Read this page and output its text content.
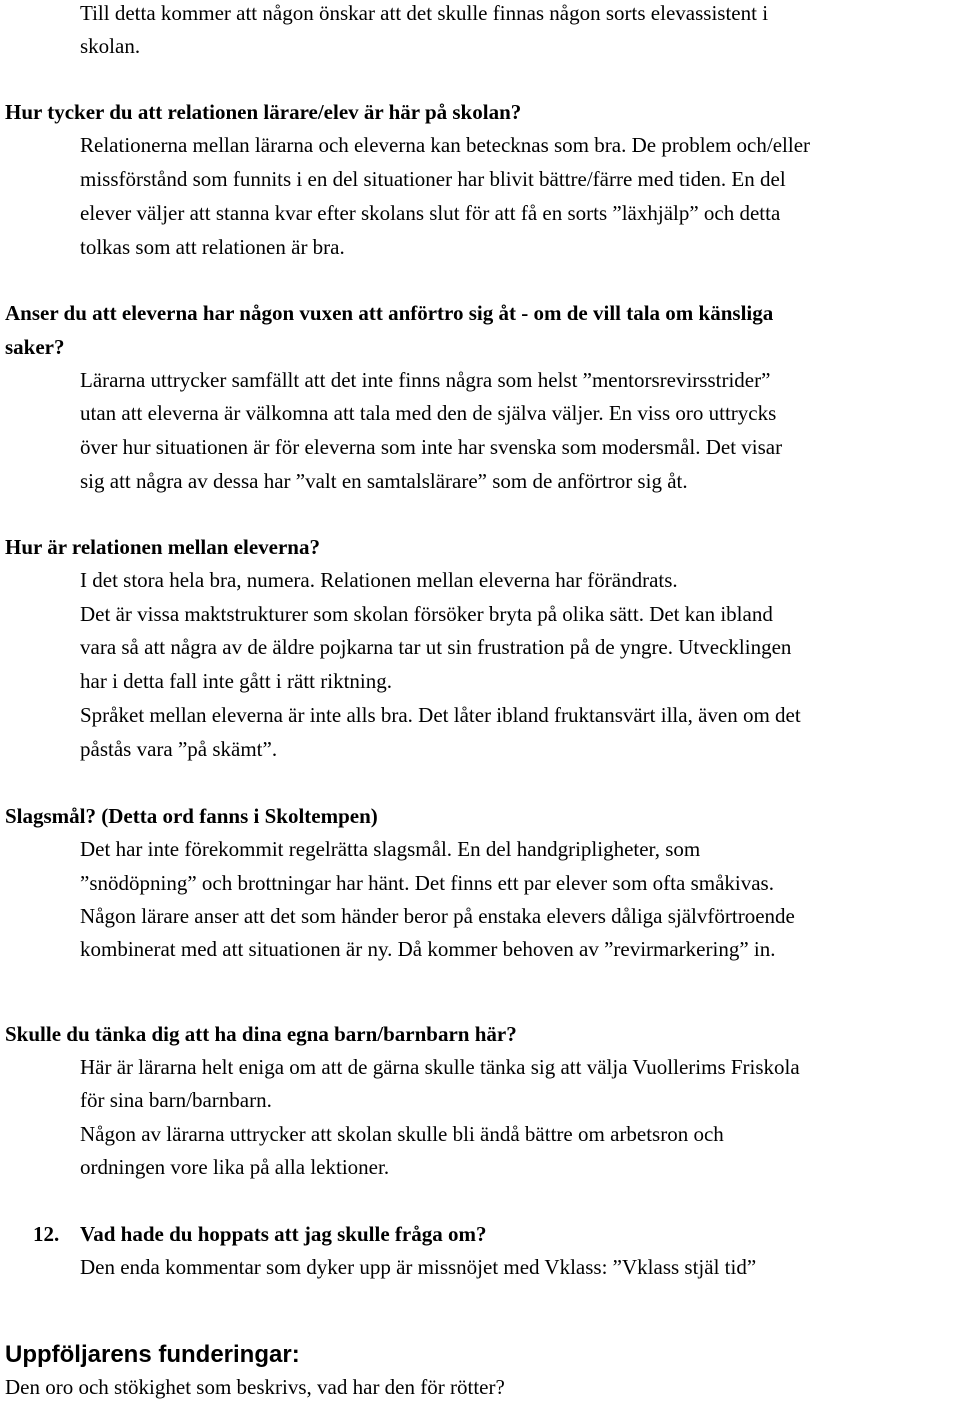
Till detta kommer att någon önskar att det skulle finnas någon sorts elevassistent i
skolan.
Hur tycker du att relationen lärare/elev är här på skolan?
Relationerna mellan lärarna och eleverna kan betecknas som bra. De problem och/eller
missförstånd som funnits i en del situationer har blivit bättre/färre med tiden. En del
elever väljer att stanna kvar efter skolans slut för att få en sorts ”läxhjälp” och detta
tolkas som att relationen är bra.
Anser du att eleverna har någon vuxen att anförtro sig åt - om de vill tala om känsliga
saker?
Lärarna uttrycker samfällt att det inte finns några som helst ”mentorsrevirsstrider”
utan att eleverna är välkomna att tala med den de själva väljer. En viss oro uttrycks
över hur situationen är för eleverna som inte har svenska som modersmål. Det visar
sig att några av dessa har ”valt en samtalslärare” som de anförtror sig åt.
Hur är relationen mellan eleverna?
I det stora hela bra, numera. Relationen mellan eleverna har förändrats.
Det är vissa maktstrukturer som skolan försöker bryta på olika sätt. Det kan ibland
vara så att några av de äldre pojkarna tar ut sin frustration på de yngre. Utvecklingen
har i detta fall inte gått i rätt riktning.
Språket mellan eleverna är inte alls bra. Det låter ibland fruktansvärt illa, även om det
påstås vara ”på skämt”.
Slagsmål? (Detta ord fanns i Skoltempen)
Det har inte förekommit regelrätta slagsmål. En del handgripligheter, som
”snödöpning” och brottningar har hänt. Det finns ett par elever som ofta småkivas.
Någon lärare anser att det som händer beror på enstaka elevers dåliga självförtroende
kombinerat med att situationen är ny. Då kommer behoven av ”revirmarkering” in.
Skulle du tänka dig att ha dina egna barn/barnbarn här?
Här är lärarna helt eniga om att de gärna skulle tänka sig att välja Vuollerims Friskola
för sina barn/barnbarn.
Någon av lärarna uttrycker att skolan skulle bli ändå bättre om arbetsron och
ordningen vore lika på alla lektioner.
12. Vad hade du hoppats att jag skulle fråga om?
Den enda kommentar som dyker upp är missnöjet med Vklass: ”Vklass stjäl tid”
Uppföljarens funderingar:
Den oro och stökighet som beskrivs, vad har den för rötter?
